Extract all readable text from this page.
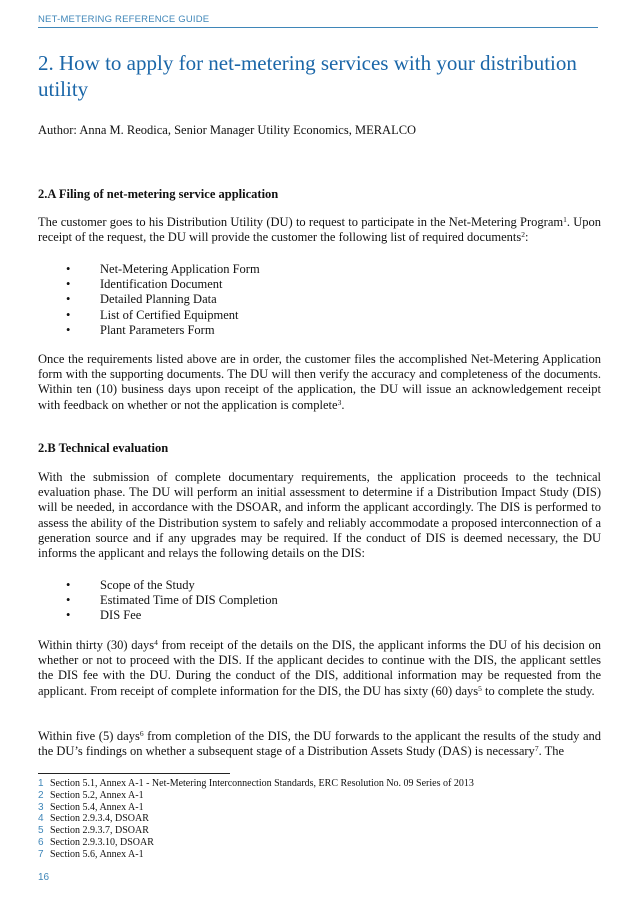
NET-METERING REFERENCE GUIDE
2. How to apply for net-metering services with your distribution utility
Author: Anna M. Reodica, Senior Manager Utility Economics, MERALCO
2.A Filing of net-metering service application

The customer goes to his Distribution Utility (DU) to request to participate in the Net-Metering Program$^1$. Upon receipt of the request, the DU will provide the customer the following list of required documents$^2$:

• Net-Metering Application Form
• Identification Document
• Detailed Planning Data
• List of Certified Equipment
• Plant Parameters Form

Once the requirements listed above are in order, the customer files the accomplished Net-Metering Application form with the supporting documents. The DU will then verify the accuracy and completeness of the documents. Within ten (10) business days upon receipt of the application, the DU will issue an acknowledgement receipt with feedback on whether or not the application is complete$^3$.

2.B Technical evaluation

With the submission of complete documentary requirements, the application proceeds to the technical evaluation phase. The DU will perform an initial assessment to determine if a Distribution Impact Study (DIS) will be needed, in accordance with the DSOAR, and inform the applicant accordingly. The DIS is performed to assess the ability of the Distribution system to safely and reliably accommodate a proposed interconnection of a generation source and if any upgrades may be required. If the conduct of DIS is deemed necessary, the DU informs the applicant and relays the following details on the DIS:

• Scope of the Study
• Estimated Time of DIS Completion
• DIS Fee

Within thirty (30) days$^4$ from receipt of the details on the DIS, the applicant informs the DU of his decision on whether or not to proceed with the DIS. If the applicant decides to continue with the DIS, the applicant settles the DIS fee with the DU. During the conduct of the DIS, additional information may be requested from the applicant. From receipt of complete information for the DIS, the DU has sixty (60) days$^5$ to complete the study.

Within five (5) days$^6$ from completion of the DIS, the DU forwards to the applicant the results of the study and the DU’s findings on whether a subsequent stage of a Distribution Assets Study (DAS) is necessary$^7$. The

1 Section 5.1, Annex A-1 - Net-Metering Interconnection Standards, ERC Resolution No. 09 Series of 2013
2 Section 5.2, Annex A-1
3 Section 5.4, Annex A-1
4 Section 2.9.3.4, DSOAR
5 Section 2.9.3.7, DSOAR
6 Section 2.9.3.10, DSOAR
7 Section 5.6, Annex A-1
16
